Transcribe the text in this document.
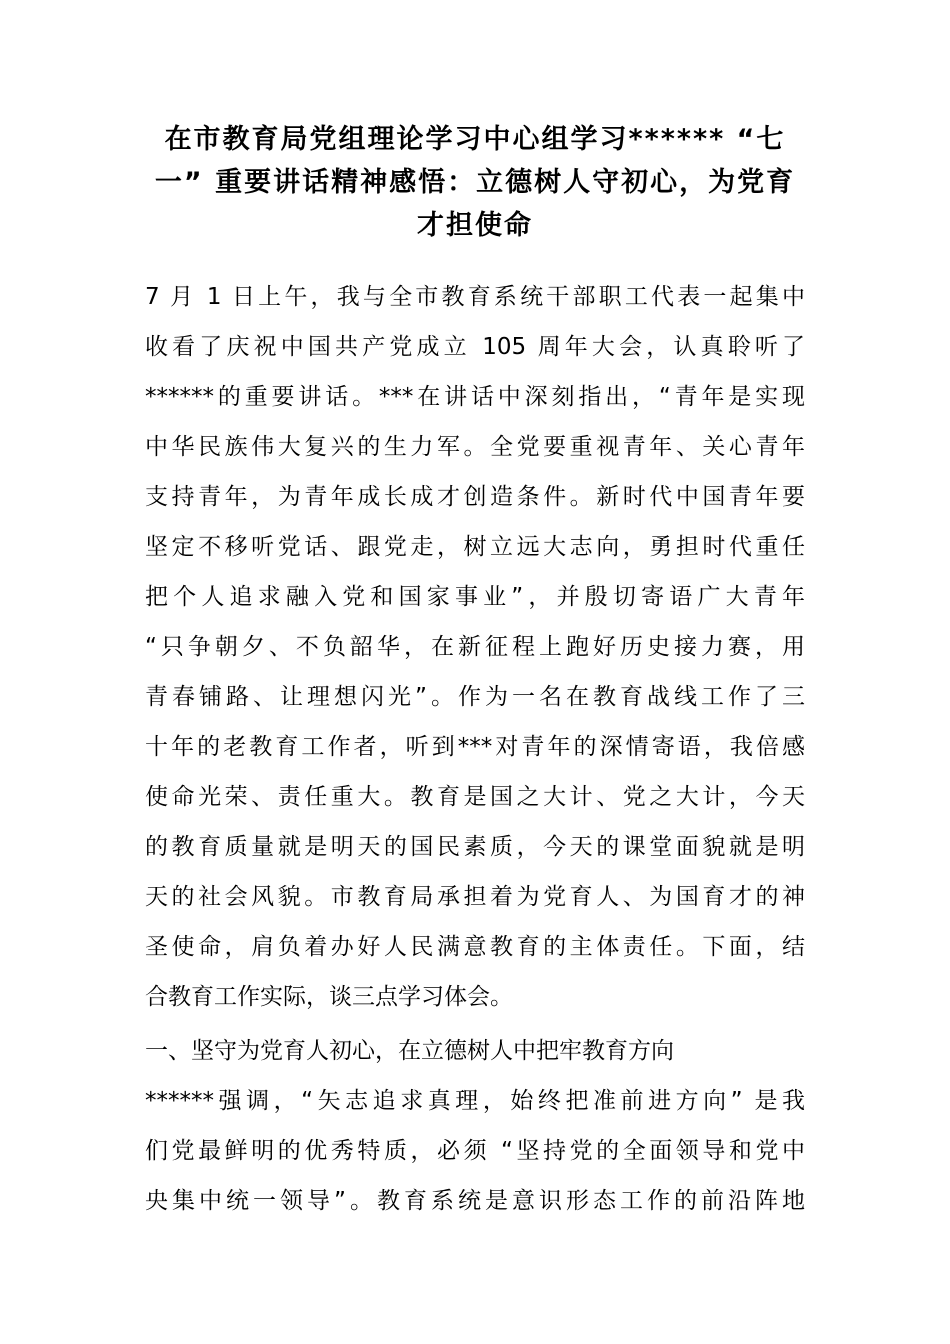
在市教育局党组理论学习中心组学习****** “七
一” 重要讲话精神感悟：立德树人守初心，为党育
才担使命
7 月 1 日上午，我与全市教育系统干部职工代表一起集中
收看了庆祝中国共产党成立 105 周年大会，认真聆听了
******的重要讲话。***在讲话中深刻指出，“青年是实现
中华民族伟大复兴的生力军。全党要重视青年、关心青年
支持青年，为青年成长成才创造条件。新时代中国青年要
坚定不移听党话、跟党走，树立远大志向，勇担时代重任
把个人追求融入党和国家事业”，并殷切寄语广大青年
“只争朝夕、不负韶华，在新征程上跑好历史接力赛，用
青春铺路、让理想闪光”。作为一名在教育战线工作了三
十年的老教育工作者，听到***对青年的深情寄语，我倍感
使命光荣、责任重大。教育是国之大计、党之大计，今天
的教育质量就是明天的国民素质，今天的课堂面貌就是明
天的社会风貌。市教育局承担着为党育人、为国育才的神
圣使命，肩负着办好人民满意教育的主体责任。下面，结
合教育工作实际，谈三点学习体会。
一、坚守为党育人初心，在立德树人中把牢教育方向
******强调，“矢志追求真理，始终把准前进方向” 是我
们党最鲜明的优秀特质，必须 “坚持党的全面领导和党中
央集中统一领导”。教育系统是意识形态工作的前沿阵地
